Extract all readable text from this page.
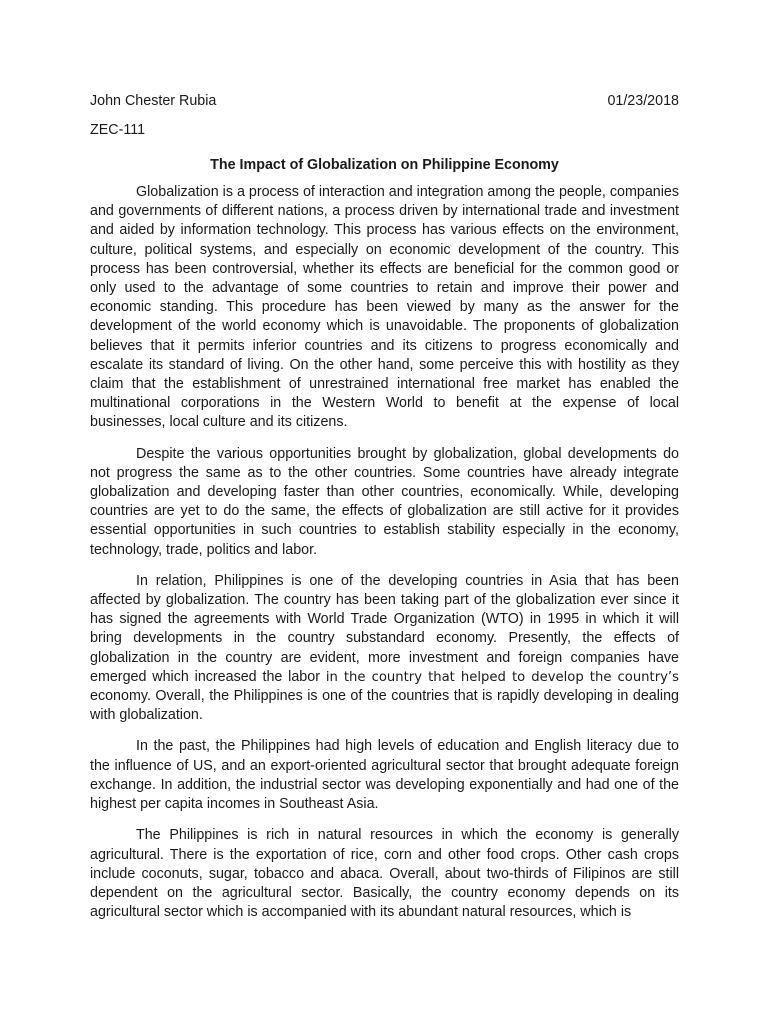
John Chester Rubia	01/23/2018
ZEC-111
The Impact of Globalization on Philippine Economy

Globalization is a process of interaction and integration among the people, companies and governments of different nations, a process driven by international trade and investment and aided by information technology. This process has various effects on the environment, culture, political systems, and especially on economic development of the country. This process has been controversial, whether its effects are beneficial for the common good or only used to the advantage of some countries to retain and improve their power and economic standing. This procedure has been viewed by many as the answer for the development of the world economy which is unavoidable. The proponents of globalization believes that it permits inferior countries and its citizens to progress economically and escalate its standard of living. On the other hand, some perceive this with hostility as they claim that the establishment of unrestrained international free market has enabled the multinational corporations in the Western World to benefit at the expense of local businesses, local culture and its citizens.

Despite the various opportunities brought by globalization, global developments do not progress the same as to the other countries. Some countries have already integrate globalization and developing faster than other countries, economically. While, developing countries are yet to do the same, the effects of globalization are still active for it provides essential opportunities in such countries to establish stability especially in the economy, technology, trade, politics and labor.

In relation, Philippines is one of the developing countries in Asia that has been affected by globalization. The country has been taking part of the globalization ever since it has signed the agreements with World Trade Organization (WTO) in 1995 in which it will bring developments in the country substandard economy. Presently, the effects of globalization in the country are evident, more investment and foreign companies have emerged which increased the labor in the country that helped to develop the country’s economy. Overall, the Philippines is one of the countries that is rapidly developing in dealing with globalization.

In the past, the Philippines had high levels of education and English literacy due to the influence of US, and an export-oriented agricultural sector that brought adequate foreign exchange. In addition, the industrial sector was developing exponentially and had one of the highest per capita incomes in Southeast Asia.

The Philippines is rich in natural resources in which the economy is generally agricultural. There is the exportation of rice, corn and other food crops. Other cash crops include coconuts, sugar, tobacco and abaca. Overall, about two-thirds of Filipinos are still dependent on the agricultural sector. Basically, the country economy depends on its agricultural sector which is accompanied with its abundant natural resources, which is
